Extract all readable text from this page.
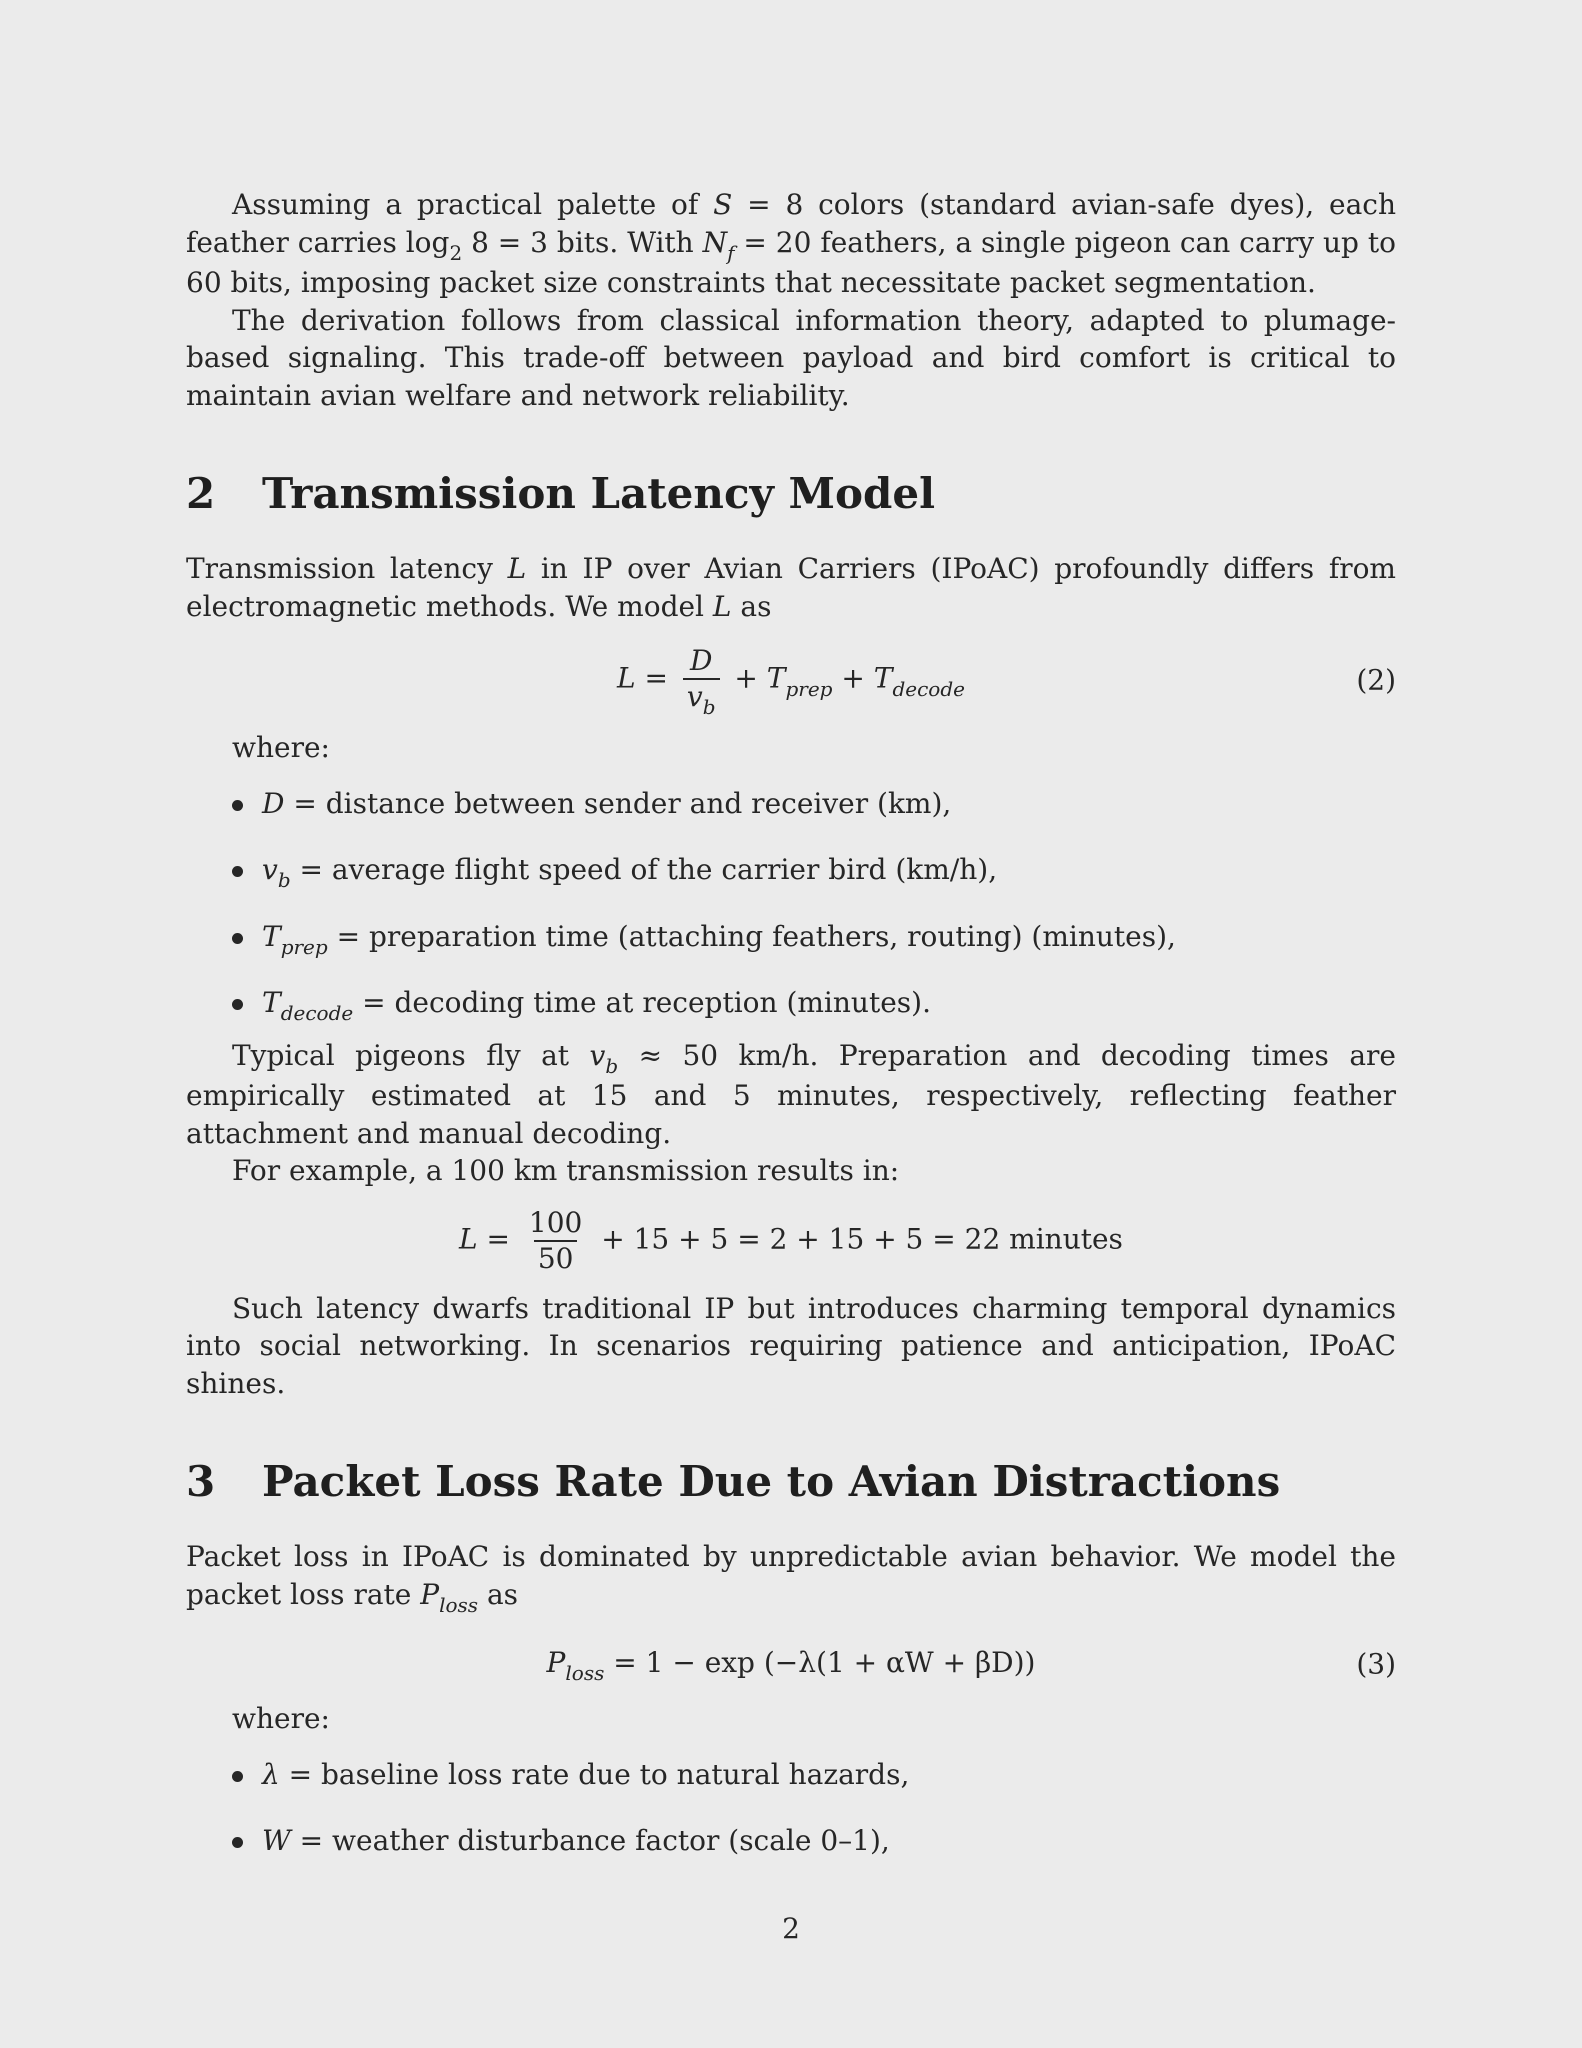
Assuming a practical palette of S = 8 colors (standard avian-safe dyes), each feather carries $\log_2 8 = 3$ bits. With $N_f = 20$ feathers, a single pigeon can carry up to 60 bits, imposing packet size constraints that necessitate packet segmentation.

The derivation follows from classical information theory, adapted to plumage-based signaling. This trade-off between payload and bird comfort is critical to maintain avian welfare and network reliability.

2 Transmission Latency Model

Transmission latency L in IP over Avian Carriers (IPoAC) profoundly differs from electromagnetic methods. We model L as

$L = \frac{D}{v_b} + T_{prep} + T_{decode}$	(2)

where:

D = distance between sender and receiver (km),
$v_b$ = average flight speed of the carrier bird (km/h),
$T_{prep}$ = preparation time (attaching feathers, routing) (minutes),
$T_{decode}$ = decoding time at reception (minutes).

Typical pigeons fly at $v_b \approx 50$ km/h. Preparation and decoding times are empirically estimated at 15 and 5 minutes, respectively, reflecting feather attachment and manual decoding.

For example, a 100 km transmission results in:

$L = \frac{100}{50} + 15 + 5 = 2 + 15 + 5 = 22$ minutes

Such latency dwarfs traditional IP but introduces charming temporal dynamics into social networking. In scenarios requiring patience and anticipation, IPoAC shines.

3 Packet Loss Rate Due to Avian Distractions

Packet loss in IPoAC is dominated by unpredictable avian behavior. We model the packet loss rate $P_{loss}$ as

$P_{loss} = 1 - \exp (-\lambda(1 + \alpha W + \beta D))$	(3)

where:

λ = baseline loss rate due to natural hazards,
W = weather disturbance factor (scale 0–1),
2
